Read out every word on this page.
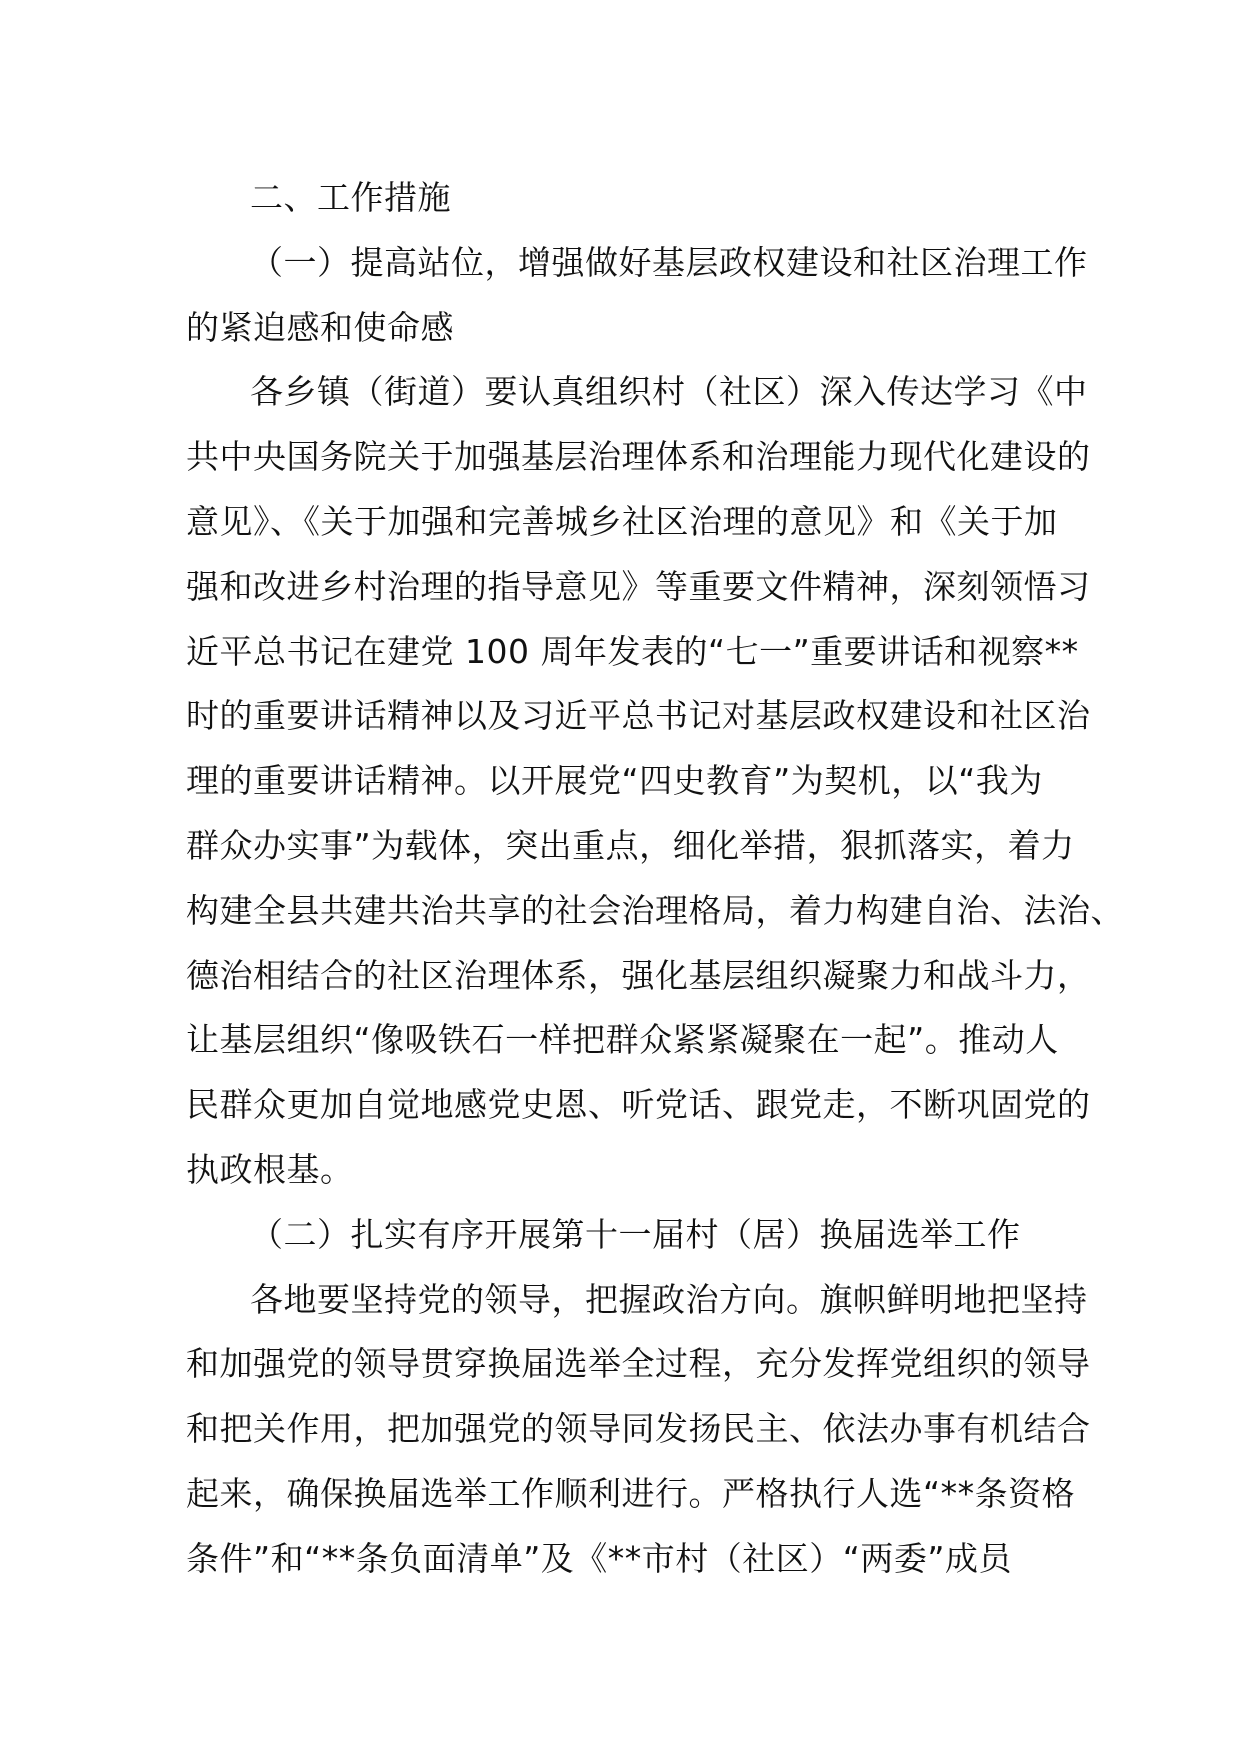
二、工作措施
（一）提高站位，增强做好基层政权建设和社区治理工作
的紧迫感和使命感
各乡镇（街道）要认真组织村（社区）深入传达学习《中
共中央国务院关于加强基层治理体系和治理能力现代化建设的
意见》、《关于加强和完善城乡社区治理的意见》和《关于加
强和改进乡村治理的指导意见》等重要文件精神，深刻领悟习
近平总书记在建党 100 周年发表的“七一”重要讲话和视察**
时的重要讲话精神以及习近平总书记对基层政权建设和社区治
理的重要讲话精神。以开展党“四史教育”为契机，以“我为
群众办实事”为载体，突出重点，细化举措，狠抓落实，着力
构建全县共建共治共享的社会治理格局，着力构建自治、法治、
德治相结合的社区治理体系，强化基层组织凝聚力和战斗力，
让基层组织“像吸铁石一样把群众紧紧凝聚在一起”。推动人
民群众更加自觉地感党史恩、听党话、跟党走，不断巩固党的
执政根基。
（二）扎实有序开展第十一届村（居）换届选举工作
各地要坚持党的领导，把握政治方向。旗帜鲜明地把坚持
和加强党的领导贯穿换届选举全过程，充分发挥党组织的领导
和把关作用，把加强党的领导同发扬民主、依法办事有机结合
起来，确保换届选举工作顺利进行。严格执行人选“**条资格
条件”和“**条负面清单”及《**市村（社区）“两委”成员
